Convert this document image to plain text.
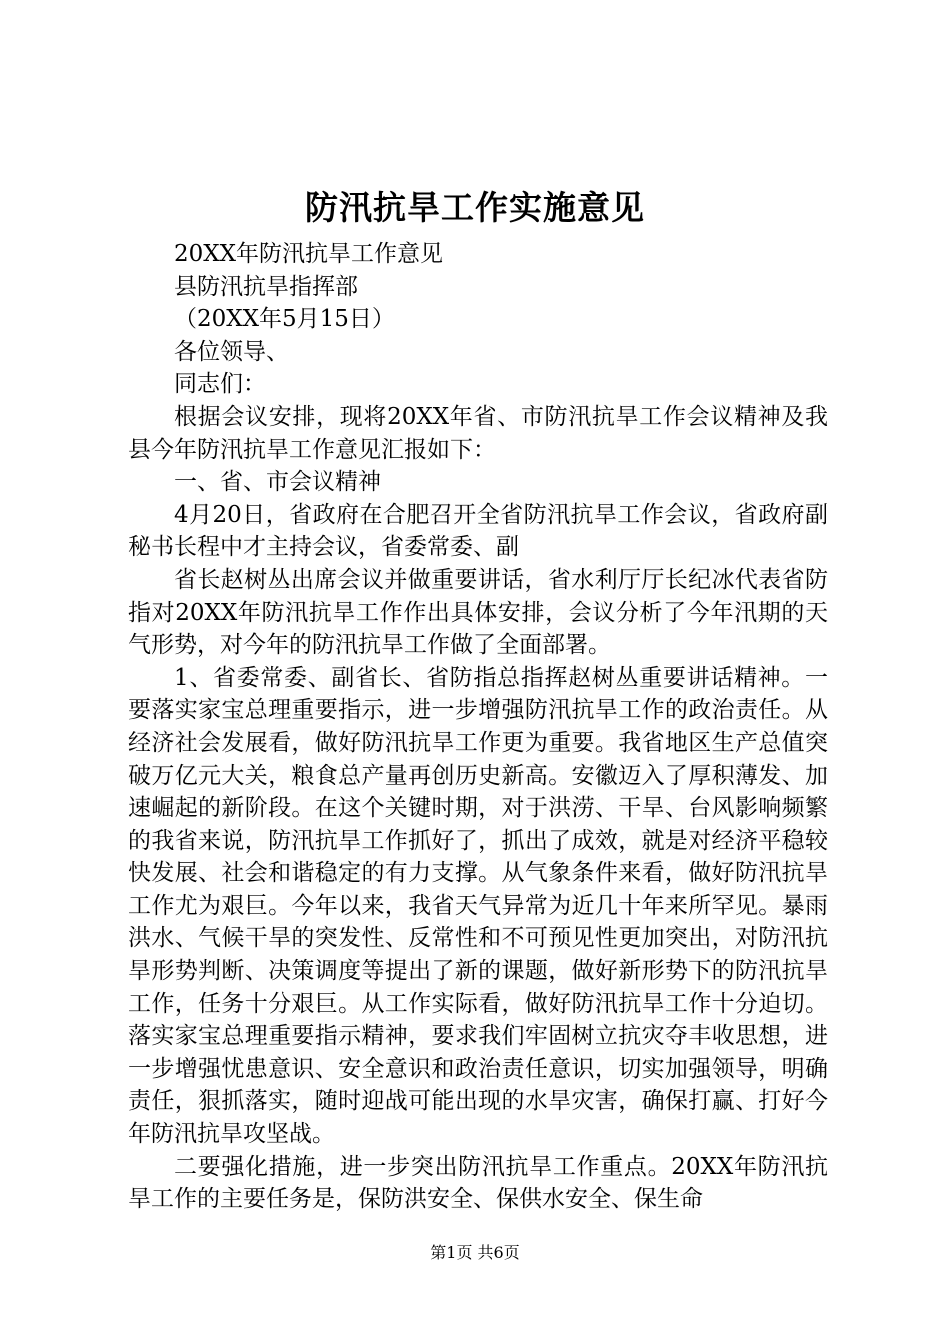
防汛抗旱工作实施意见

20XX年防汛抗旱工作意见

县防汛抗旱指挥部

（20XX年5月15日）

各位领导、

同志们：

根据会议安排，现将20XX年省、市防汛抗旱工作会议精神及我县今年防汛抗旱工作意见汇报如下：

一、省、市会议精神

4月20日，省政府在合肥召开全省防汛抗旱工作会议，省政府副秘书长程中才主持会议，省委常委、副

省长赵树丛出席会议并做重要讲话，省水利厅厅长纪冰代表省防指对20XX年防汛抗旱工作作出具体安排，会议分析了今年汛期的天气形势，对今年的防汛抗旱工作做了全面部署。

1、省委常委、副省长、省防指总指挥赵树丛重要讲话精神。一要落实家宝总理重要指示，进一步增强防汛抗旱工作的政治责任。从经济社会发展看，做好防汛抗旱工作更为重要。我省地区生产总值突破万亿元大关，粮食总产量再创历史新高。安徽迈入了厚积薄发、加速崛起的新阶段。在这个关键时期，对于洪涝、干旱、台风影响频繁的我省来说，防汛抗旱工作抓好了，抓出了成效，就是对经济平稳较快发展、社会和谐稳定的有力支撑。从气象条件来看，做好防汛抗旱工作尤为艰巨。今年以来，我省天气异常为近几十年来所罕见。暴雨洪水、气候干旱的突发性、反常性和不可预见性更加突出，对防汛抗旱形势判断、决策调度等提出了新的课题，做好新形势下的防汛抗旱工作，任务十分艰巨。从工作实际看，做好防汛抗旱工作十分迫切。落实家宝总理重要指示精神，要求我们牢固树立抗灾夺丰收思想，进一步增强忧患意识、安全意识和政治责任意识，切实加强领导，明确责任，狠抓落实，随时迎战可能出现的水旱灾害，确保打赢、打好今年防汛抗旱攻坚战。

二要强化措施，进一步突出防汛抗旱工作重点。20XX年防汛抗旱工作的主要任务是，保防洪安全、保供水安全、保生命

第1页 共6页
